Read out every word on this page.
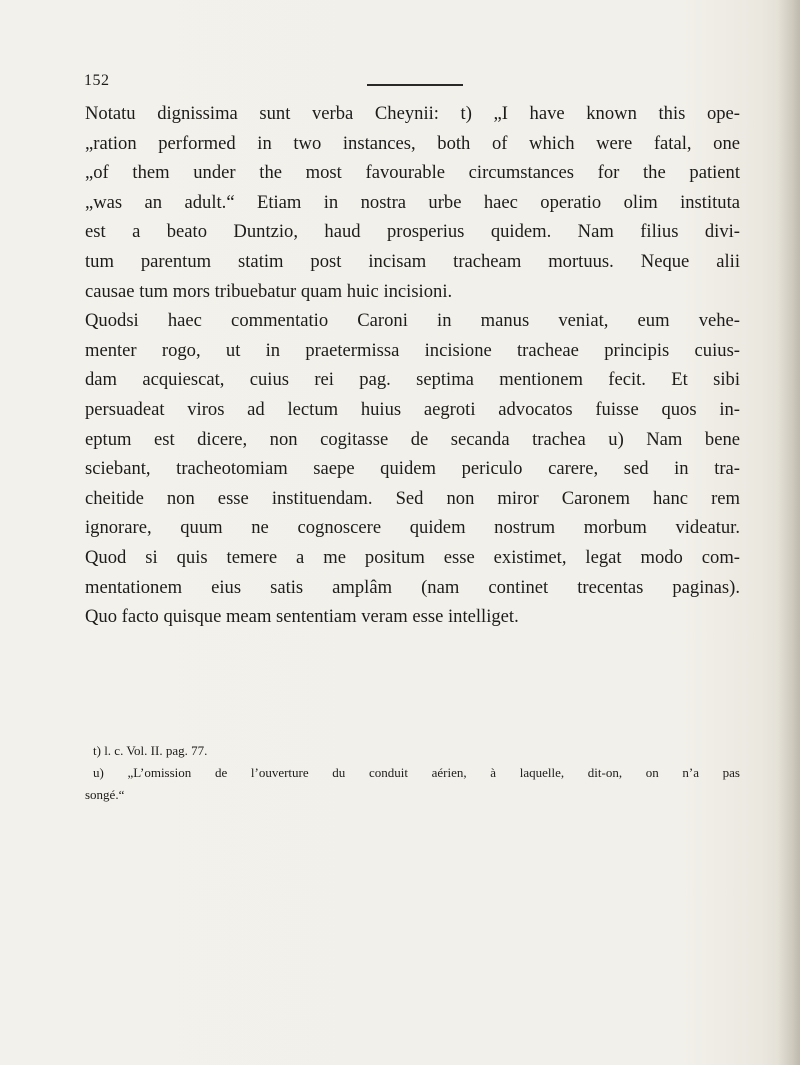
152
Notatu dignissima sunt verba Cheynii: t) „I have known this ope-
„ration performed in two instances, both of which were fatal, one
„of them under the most favourable circumstances for the patient
„was an adult.“ Etiam in nostra urbe haec operatio olim instituta
est a beato Duntzio, haud prosperius quidem. Nam filius divi-
tum parentum statim post incisam tracheam mortuus. Neque alii
causae tum mors tribuebatur quam huic incisioni.
Quodsi haec commentatio Caroni in manus veniat, eum vehe-
menter rogo, ut in praetermissa incisione tracheae principis cuius-
dam acquiescat, cuius rei pag. septima mentionem fecit. Et sibi
persuadeat viros ad lectum huius aegroti advocatos fuisse quos in-
eptum est dicere, non cogitasse de secanda trachea u) Nam bene
sciebant, tracheotomiam saepe quidem periculo carere, sed in tra-
cheitide non esse instituendam. Sed non miror Caronem hanc rem
ignorare, quum ne cognoscere quidem nostrum morbum videatur.
Quod si quis temere a me positum esse existimet, legat modo com-
mentationem eius satis amplâm (nam continet trecentas paginas).
Quo facto quisque meam sententiam veram esse intelliget.
t) l. c. Vol. II. pag. 77.
u) „L’omission de l’ouverture du conduit aérien, à laquelle, dit-on, on n’a pas
songé.“
